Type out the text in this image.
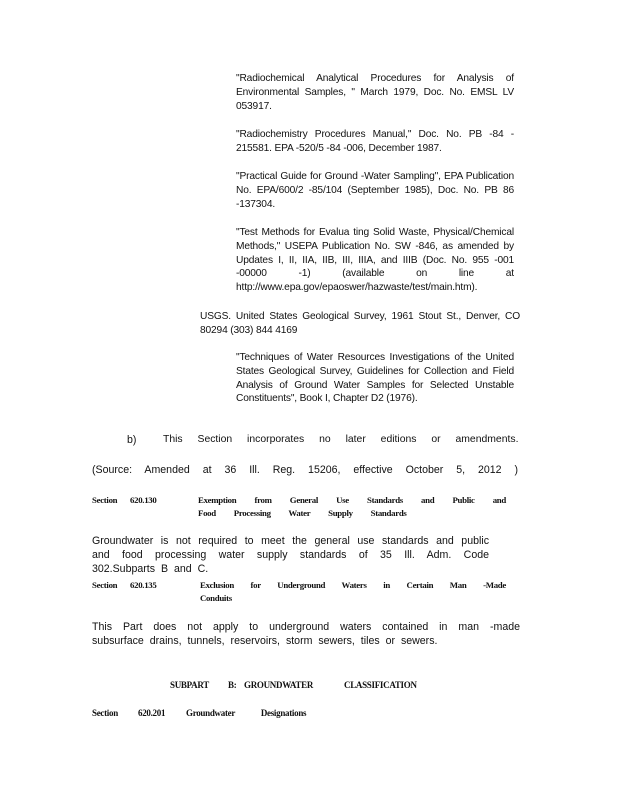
"Radiochemical Analytical Procedures for Analysis of Environmental Samples, " March 1979, Doc. No. EMSL LV 053917.
"Radiochemistry Procedures Manual," Doc. No. PB -84 - 215581. EPA -520/5 -84 -006, December 1987.
"Practical Guide for Ground -Water Sampling", EPA Publication No. EPA/600/2 -85/104 (September 1985), Doc. No. PB 86 -137304.
"Test Methods for Evalua ting Solid Waste, Physical/Chemical Methods," USEPA Publication No. SW -846, as amended by Updates I, II, IIA, IIB, III, IIIA, and IIIB (Doc. No. 955 -001 -00000 -1) (available on line at http://www.epa.gov/epaoswer/hazwaste/test/main.htm).
USGS. United States Geological Survey, 1961 Stout St., Denver, CO 80294 (303) 844 4169
"Techniques of Water Resources Investigations of the United States Geological Survey, Guidelines for Collection and Field Analysis of Ground Water Samples for Selected Unstable Constituents", Book I, Chapter D2 (1976).
b)	This Section incorporates no later editions or amendments.
(Source: Amended at 36 Ill. Reg. 15206, effective October 5, 2012 )
Section 620.130	Exemption from General Use Standards and Public and Food Processing Water Supply Standards
Groundwater is not required to meet the general use standards and public and food processing water supply standards of 35 Ill. Adm. Code 302.Subparts B and C.
Section 620.135	Exclusion for Underground Waters in Certain Man -Made Conduits
This Part does not apply to underground waters contained in man -made subsurface drains, tunnels, reservoirs, storm sewers, tiles or sewers.
SUBPART B: GROUNDWATER	CLASSIFICATION
Section 620.201 Groundwater Designations
